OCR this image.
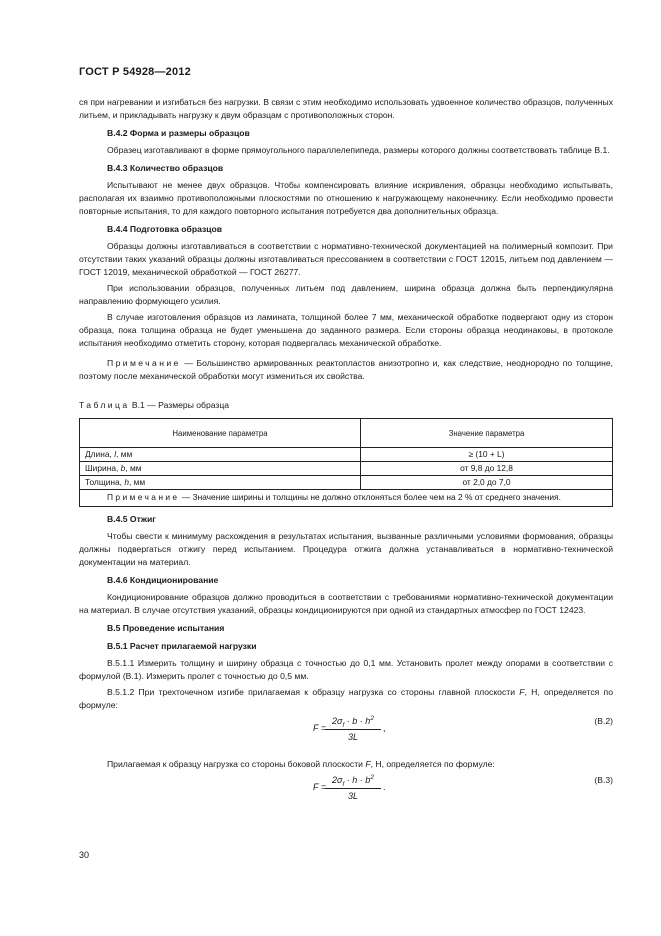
ГОСТ Р 54928—2012

ся при нагревании и изгибаться без нагрузки. В связи с этим необходимо использовать удвоенное количество образцов, полученных литьем, и прикладывать нагрузку к двум образцам с противоположных сторон.

B.4.2 Форма и размеры образцов

Образец изготавливают в форме прямоугольного параллелепипеда, размеры которого должны соответствовать таблице В.1.

B.4.3 Количество образцов

Испытывают не менее двух образцов. Чтобы компенсировать влияние искривления, образцы необходимо испытывать, располагая их взаимно противоположными плоскостями по отношению к нагружающему наконечнику. Если необходимо провести повторные испытания, то для каждого повторного испытания потребуется два дополнительных образца.

B.4.4 Подготовка образцов

Образцы должны изготавливаться в соответствии с нормативно-технической документацией на полимерный композит. При отсутствии таких указаний образцы должны изготавливаться прессованием в соответствии с ГОСТ 12015, литьем под давлением — ГОСТ 12019, механической обработкой — ГОСТ 26277.

При использовании образцов, полученных литьем под давлением, ширина образца должна быть перпендикулярна направлению формующего усилия.

В случае изготовления образцов из ламината, толщиной более 7 мм, механической обработке подвергают одну из сторон образца, пока толщина образца не будет уменьшена до заданного размера. Если стороны образца неодинаковы, в протоколе испытания необходимо отметить сторону, которая подвергалась механической обработке.

Примечание — Большинство армированных реактопластов анизотропно и, как следствие, неоднородно по толщине, поэтому после механической обработки могут измениться их свойства.

Таблица В.1 — Размеры образца

Наименование параметра	Значение параметра
Длина, l, мм	≥ (10 + L)
Ширина, b, мм	от 9,8 до 12,8
Толщина, h, мм	от 2,0 до 7,0
Примечание — Значение ширины и толщины не должно отклоняться более чем на 2 % от среднего значения.	
B.4.5 Отжиг

Чтобы свести к минимуму расхождения в результатах испытания, вызванные различными условиями формования, образцы должны подвергаться отжигу перед испытанием. Процедура отжига должна устанавливаться в нормативно-технической документации на материал.

B.4.6 Кондиционирование

Кондиционирование образцов должно проводиться в соответствии с требованиями нормативно-технической документации на материал. В случае отсутствия указаний, образцы кондиционируются при одной из стандартных атмосфер по ГОСТ 12423.

B.5 Проведение испытания
B.5.1 Расчет прилагаемой нагрузки

В.5.1.1 Измерить толщину и ширину образца с точностью до 0,1 мм. Установить пролет между опорами в соответствии с формулой (В.1). Измерить пролет с точностью до 0,5 мм.

В.5.1.2 При трехточечном изгибе прилагаемая к образцу нагрузка со стороны главной плоскости F, Н, определяется по формуле:

F =
$\frac{2\sigma_f \cdot b \cdot h^2}{3L}$ ,
(В.2)

Прилагаемая к образцу нагрузка со стороны боковой плоскости F, Н, определяется по формуле:

F =
$\frac{2\sigma_f \cdot h \cdot b^2}{3L}$ .
(В.3)
30
